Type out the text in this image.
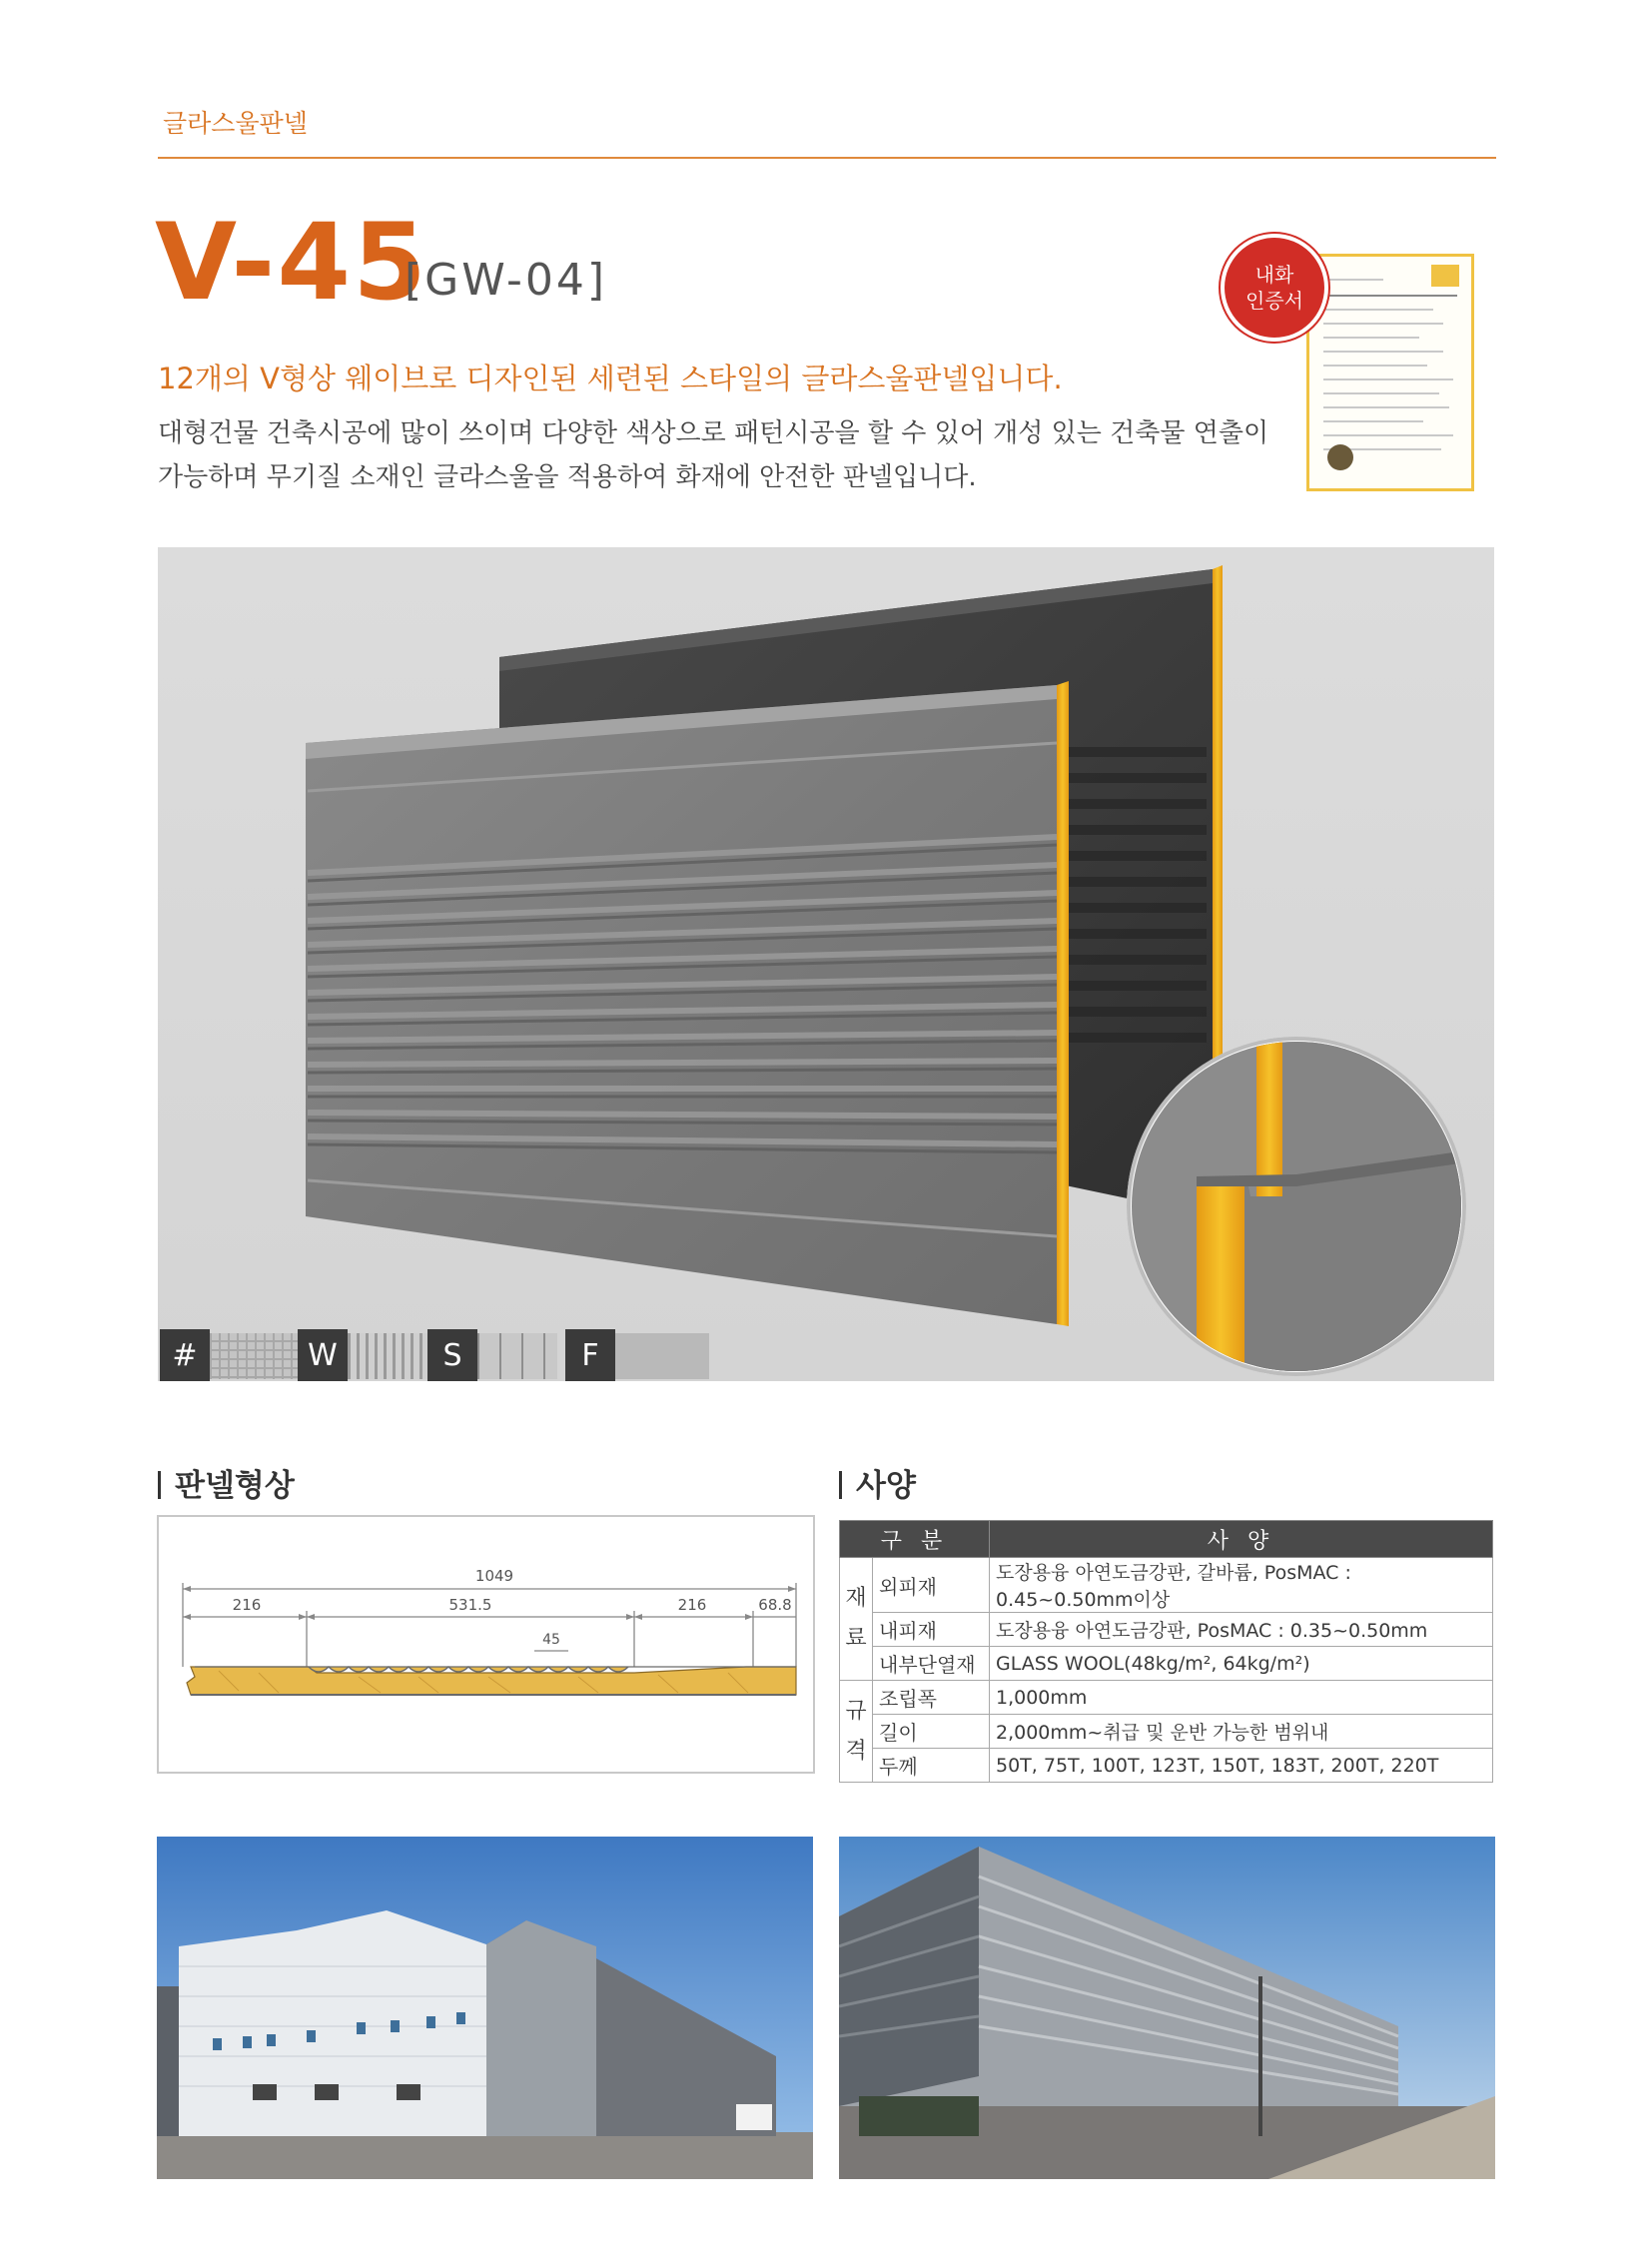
글라스울판넬
V-45
[GW-04]
12개의 V형상 웨이브로 디자인된 세련된 스타일의 글라스울판넬입니다.
대형건물 건축시공에 많이 쓰이며 다양한 색상으로 패턴시공을 할 수 있어 개성 있는 건축물 연출이
가능하며 무기질 소재인 글라스울을 적용하여 화재에 안전한 판넬입니다.
내화
인증서
#	W	S	F
판넬형상
1049
216	531.5	216	68.8
45
사양
구 분		사 양
재
료	외피재	도장용융 아연도금강판, 갈바륨, PosMAC : 0.45~0.50mm이상
	내피재	도장용융 아연도금강판, PosMAC : 0.35~0.50mm
	내부단열재	GLASS WOOL(48kg/m², 64kg/m²)
규
격	조립폭	1,000mm
	길이	2,000mm~취급 및 운반 가능한 범위내
	두께	50T, 75T, 100T, 123T, 150T, 183T, 200T, 220T
